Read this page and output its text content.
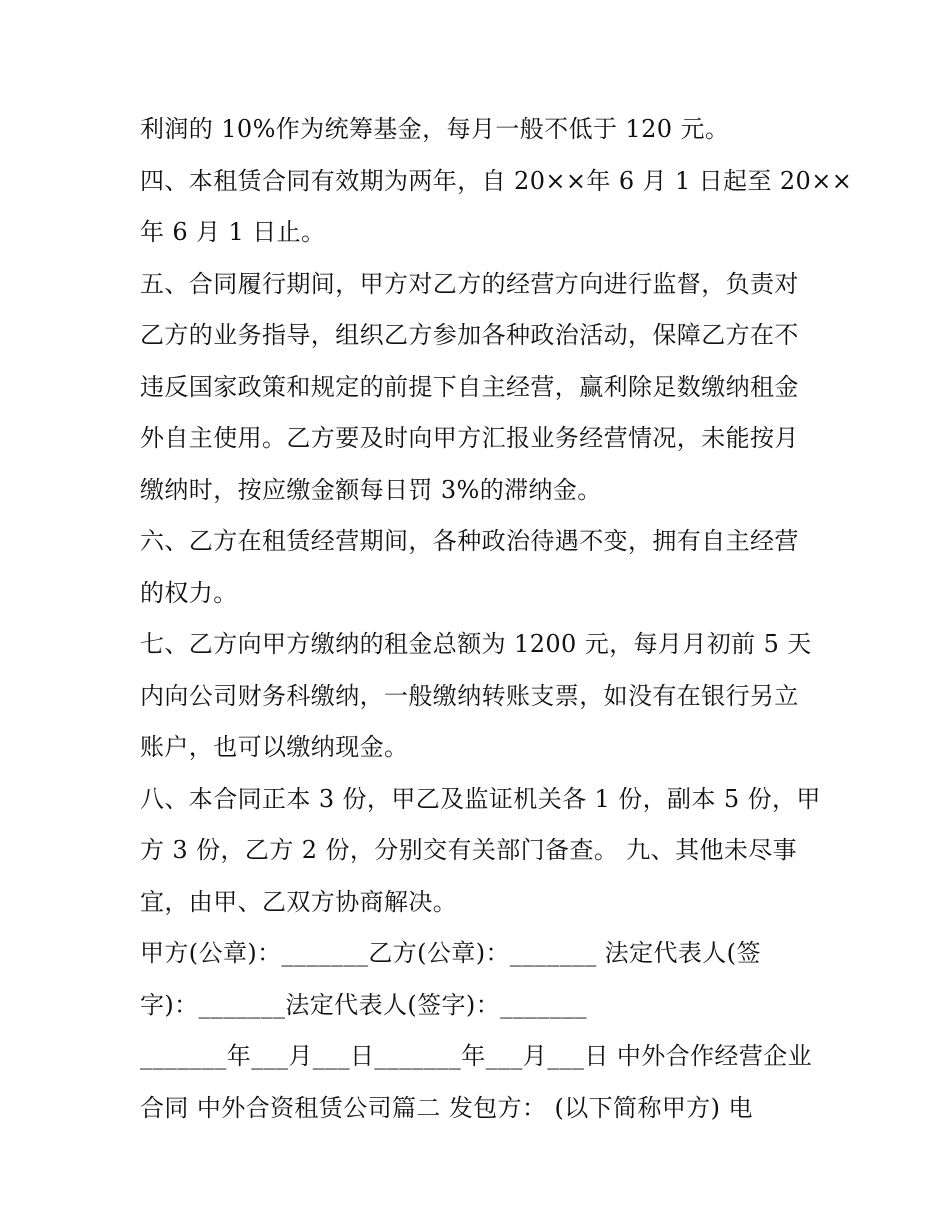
利润的 10%作为统筹基金，每月一般不低于 120 元。
四、本租赁合同有效期为两年，自 20××年 6 月 1 日起至 20××
年 6 月 1 日止。
五、合同履行期间，甲方对乙方的经营方向进行监督，负责对
乙方的业务指导，组织乙方参加各种政治活动，保障乙方在不
违反国家政策和规定的前提下自主经营，赢利除足数缴纳租金
外自主使用。乙方要及时向甲方汇报业务经营情况，未能按月
缴纳时，按应缴金额每日罚 3%的滞纳金。
六、乙方在租赁经营期间，各种政治待遇不变，拥有自主经营
的权力。
七、乙方向甲方缴纳的租金总额为 1200 元，每月月初前 5 天
内向公司财务科缴纳，一般缴纳转账支票，如没有在银行另立
账户，也可以缴纳现金。
八、本合同正本 3 份，甲乙及监证机关各 1 份，副本 5 份，甲
方 3 份，乙方 2 份，分别交有关部门备查。 九、其他未尽事
宜，由甲、乙双方协商解决。
甲方(公章)：_______乙方(公章)：_______ 法定代表人(签
字)：_______法定代表人(签字)：_______
_______年___月___日_______年___月___日 中外合作经营企业
合同 中外合资租赁公司篇二 发包方： (以下简称甲方) 电
